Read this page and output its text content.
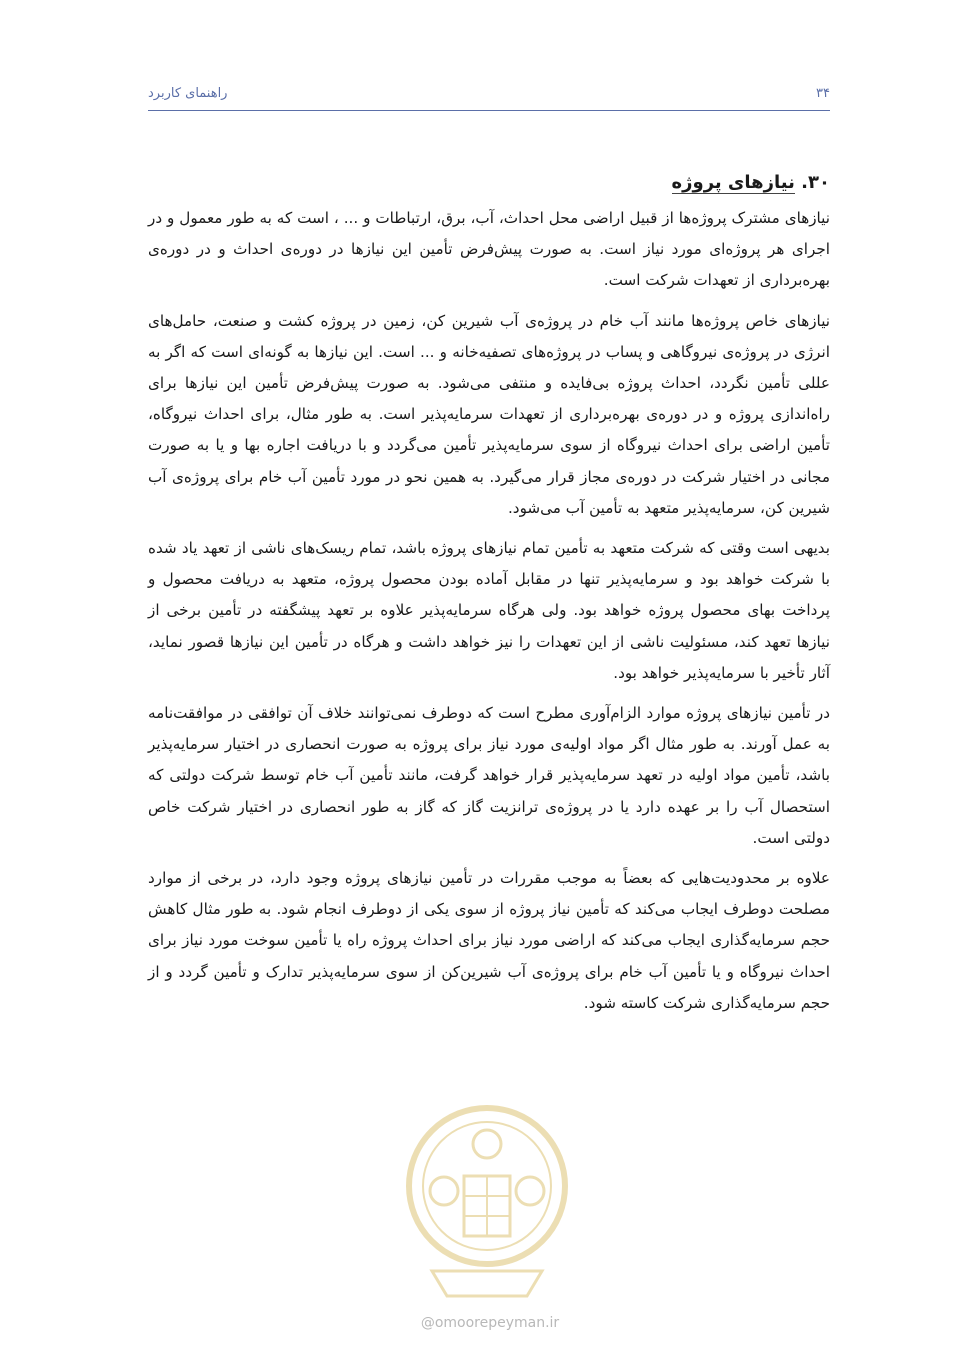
۳۴
راهنمای کاربرد
۳۰. نیازهای پروژه

نیازهای مشترک پروژه‌ها از قبیل اراضی محل احداث، آب، برق، ارتباطات و ... ، است که به طور معمول و در اجرای هر پروژه‌ای مورد نیاز است. به صورت پیش‌فرض تأمین این نیازها در دوره‌ی احداث و در دوره‌ی بهره‌برداری از تعهدات شرکت است.

نیازهای خاص پروژه‌ها مانند آب خام در پروژه‌ی آب شیرین کن، زمین در پروژه کشت و صنعت، حامل‌های انرژی در پروژه‌ی نیروگاهی و پساب در پروژه‌های تصفیه‌خانه و ... است. این نیازها به گونه‌ای است که اگر به عللی تأمین نگردد، احداث پروژه بی‌فایده و منتفی می‌شود. به صورت پیش‌فرض تأمین این نیازها برای راه‌اندازی پروژه و در دوره‌ی بهره‌برداری از تعهدات سرمایه‌پذیر است. به طور مثال، برای احداث نیروگاه، تأمین اراضی برای احداث نیروگاه از سوی سرمایه‌پذیر تأمین می‌گردد و با دریافت اجاره بها و یا به صورت مجانی در اختیار شرکت در دوره‌ی مجاز قرار می‌گیرد. به همین نحو در مورد تأمین آب خام برای پروژه‌ی آب شیرین کن، سرمایه‌پذیر متعهد به تأمین آب می‌شود.

بدیهی است وقتی که شرکت متعهد به تأمین تمام نیازهای پروژه باشد، تمام ریسک‌های ناشی از تعهد یاد شده با شرکت خواهد بود و سرمایه‌پذیر تنها در مقابل آماده بودن محصول پروژه، متعهد به دریافت محصول و پرداخت بهای محصول پروژه خواهد بود. ولی هرگاه سرمایه‌پذیر علاوه بر تعهد پیشگفته در تأمین برخی از نیازها تعهد کند، مسئولیت ناشی از این تعهدات را نیز خواهد داشت و هرگاه در تأمین این نیازها قصور نماید، آثار تأخیر با سرمایه‌پذیر خواهد بود.

در تأمین نیازهای پروژه موارد الزام‌آوری مطرح است که دوطرف نمی‌توانند خلاف آن توافقی در موافقت‌نامه به عمل آورند. به طور مثال اگر مواد اولیه‌ی مورد نیاز برای پروژه به صورت انحصاری در اختیار سرمایه‌پذیر باشد، تأمین مواد اولیه در تعهد سرمایه‌پذیر قرار خواهد گرفت، مانند تأمین آب خام توسط شرکت دولتی که استحصال آب را بر عهده دارد یا در پروژه‌ی ترانزیت گاز که گاز به طور انحصاری در اختیار شرکت خاص دولتی است.

علاوه بر محدودیت‌هایی که بعضاً به موجب مقررات در تأمین نیازهای پروژه وجود دارد، در برخی از موارد مصلحت دوطرف ایجاب می‌کند که تأمین نیاز پروژه از سوی یکی از دوطرف انجام شود. به طور مثال کاهش حجم سرمایه‌گذاری ایجاب می‌کند که اراضی مورد نیاز برای احداث پروژه راه یا تأمین سوخت مورد نیاز برای احداث نیروگاه و یا تأمین آب خام برای پروژه‌ی آب شیرین‌کن از سوی سرمایه‌پذیر تدارک و تأمین گردد و از حجم سرمایه‌گذاری شرکت کاسته شود.

@omoorepeyman.ir
